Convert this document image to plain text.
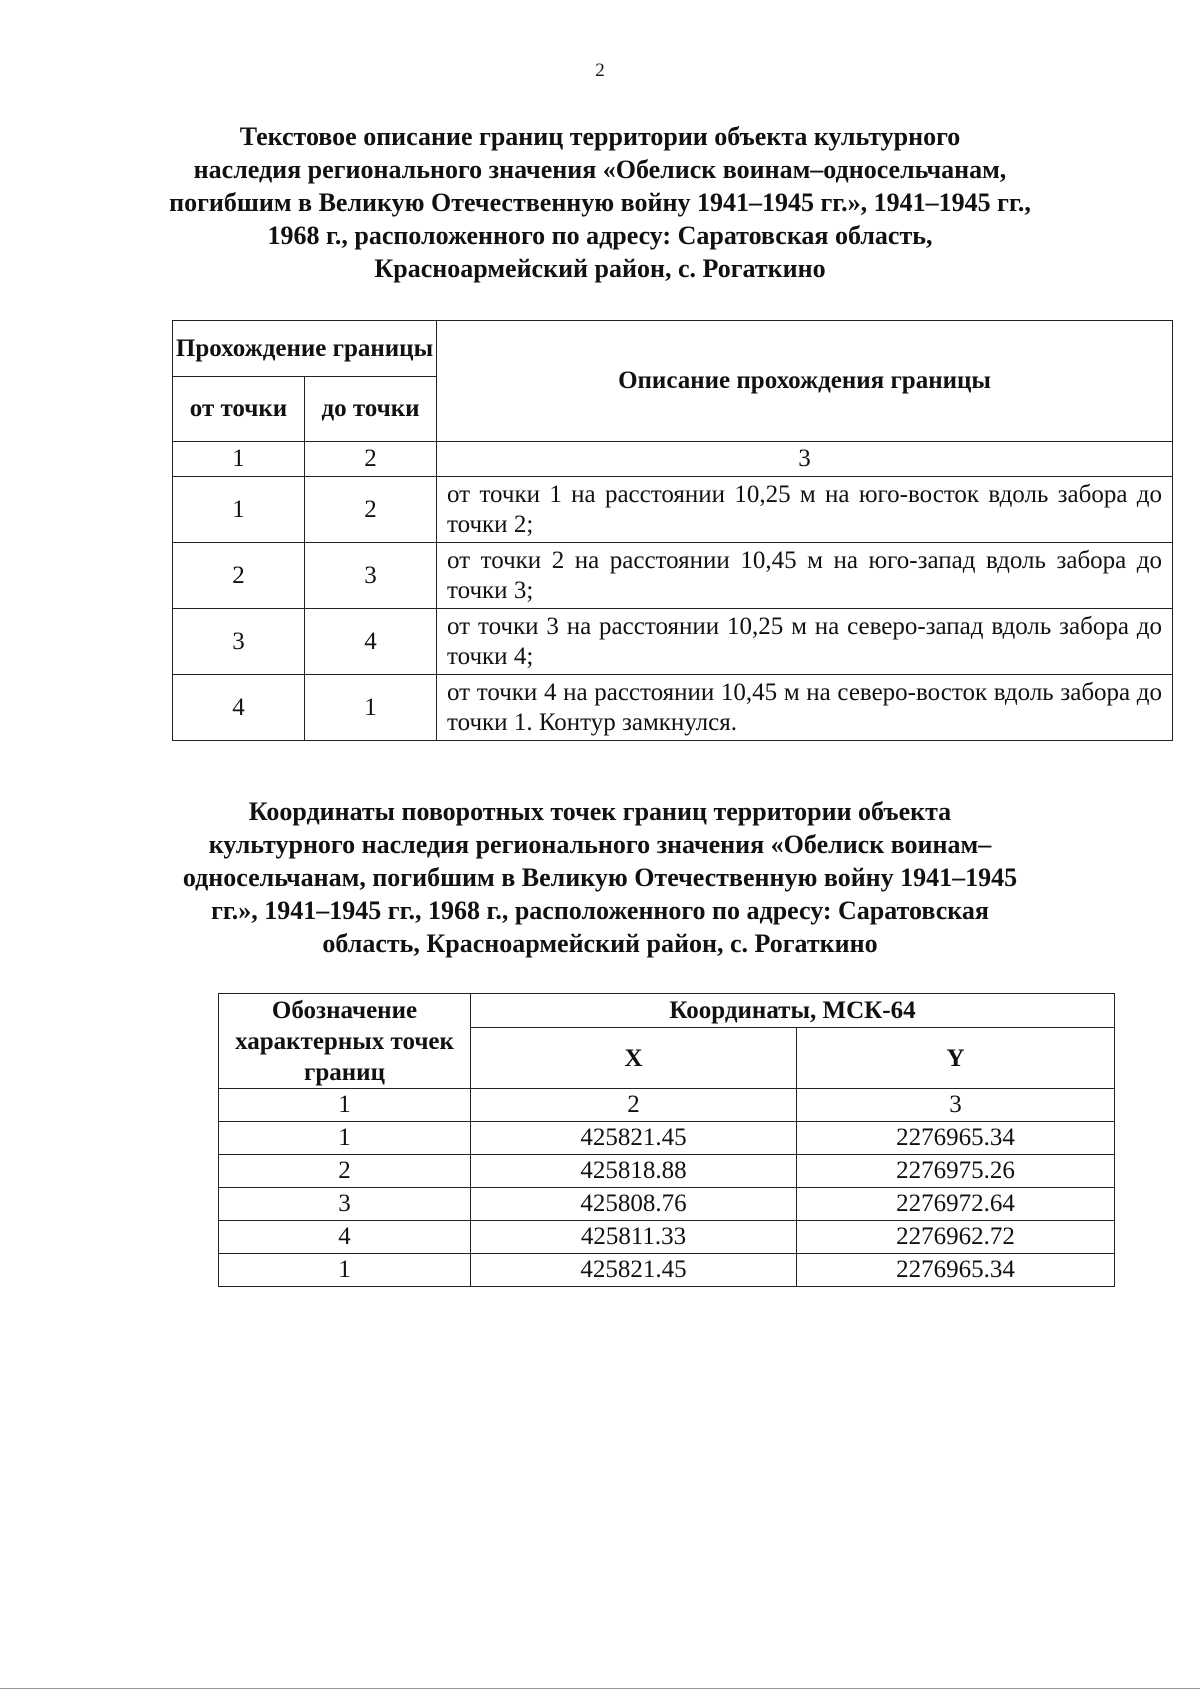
2
Текстовое описание границ территории объекта культурного
наследия регионального значения «Обелиск воинам–односельчанам,
погибшим в Великую Отечественную войну 1941–1945 гг.», 1941–1945 гг.,
1968 г., расположенного по адресу: Саратовская область,
Красноармейский район, с. Рогаткино
Прохождение границы		Описание прохождения границы
от точки	до точки	
1	2	3
1	2	от точки 1 на расстоянии 10,25 м на юго-восток вдоль забора до точки 2;
2	3	от точки 2 на расстоянии 10,45 м на юго-запад вдоль забора до точки 3;
3	4	от точки 3 на расстоянии 10,25 м на северо-запад вдоль забора до точки 4;
4	1	от точки 4 на расстоянии 10,45 м на северо-восток вдоль забора до точки 1. Контур замкнулся.
Координаты поворотных точек границ территории объекта
культурного наследия регионального значения «Обелиск воинам–
односельчанам, погибшим в Великую Отечественную войну 1941–1945
гг.», 1941–1945 гг., 1968 г., расположенного по адресу: Саратовская
область, Красноармейский район, с. Рогаткино
Обозначение характерных точек границ	Координаты, МСК-64	
	X	Y
1	2	3
1	425821.45	2276965.34
2	425818.88	2276975.26
3	425808.76	2276972.64
4	425811.33	2276962.72
1	425821.45	2276965.34
